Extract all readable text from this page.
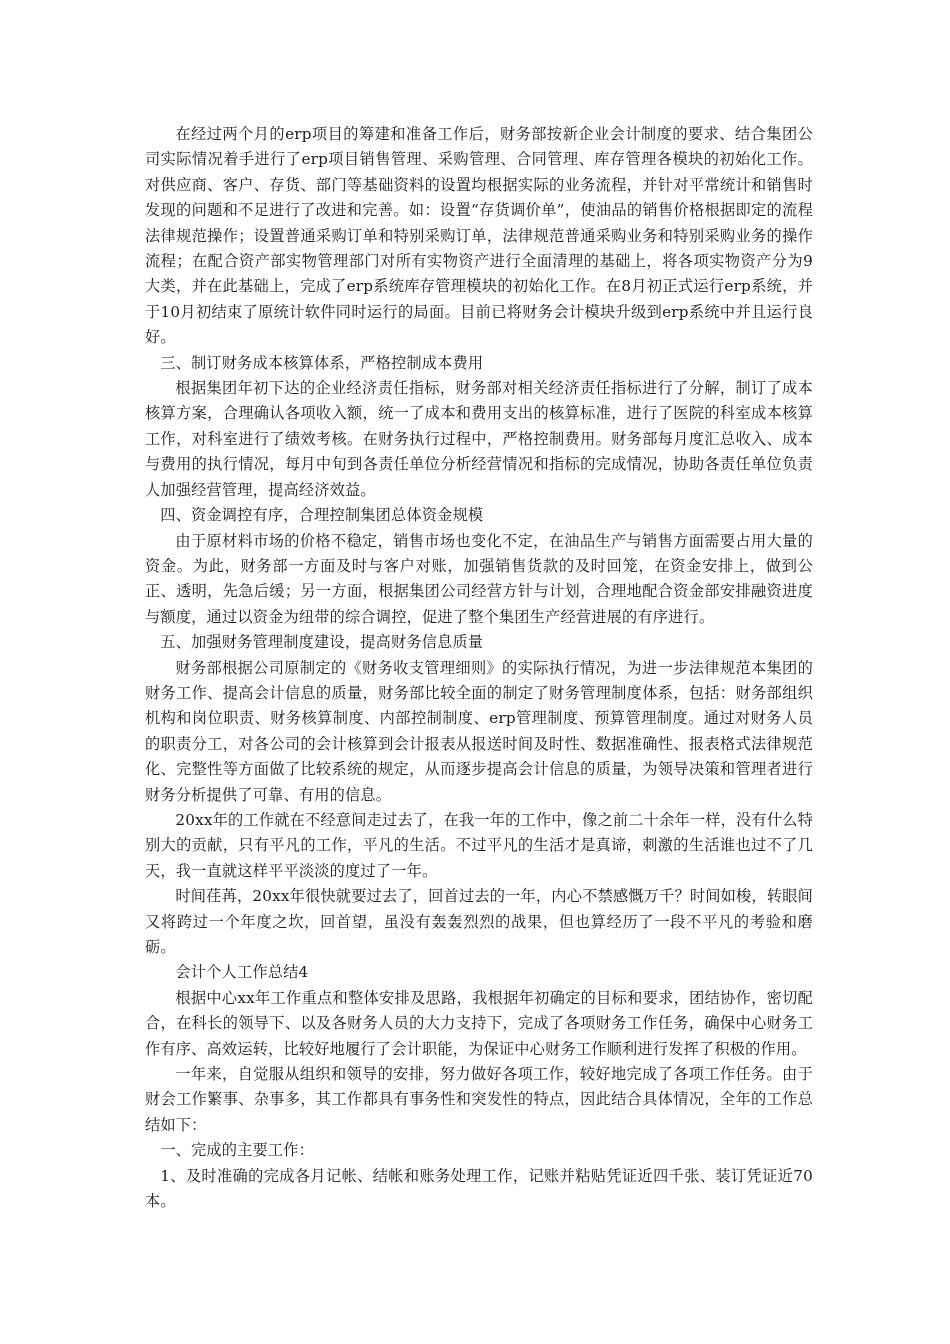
在经过两个月的erp项目的筹建和准备工作后，财务部按新企业会计制度的要求、结合集团公司实际情况着手进行了erp项目销售管理、采购管理、合同管理、库存管理各模块的初始化工作。对供应商、客户、存货、部门等基础资料的设置均根据实际的业务流程，并针对平常统计和销售时发现的问题和不足进行了改进和完善。如：设置“存货调价单”，使油品的销售价格根据即定的流程法律规范操作；设置普通采购订单和特别采购订单，法律规范普通采购业务和特别采购业务的操作流程；在配合资产部实物管理部门对所有实物资产进行全面清理的基础上，将各项实物资产分为9大类，并在此基础上，完成了erp系统库存管理模块的初始化工作。在8月初正式运行erp系统，并于10月初结束了原统计软件同时运行的局面。目前已将财务会计模块升级到erp系统中并且运行良好。

三、制订财务成本核算体系，严格控制成本费用

根据集团年初下达的企业经济责任指标，财务部对相关经济责任指标进行了分解，制订了成本核算方案，合理确认各项收入额，统一了成本和费用支出的核算标准，进行了医院的科室成本核算工作，对科室进行了绩效考核。在财务执行过程中，严格控制费用。财务部每月度汇总收入、成本与费用的执行情况，每月中旬到各责任单位分析经营情况和指标的完成情况，协助各责任单位负责人加强经营管理，提高经济效益。

四、资金调控有序，合理控制集团总体资金规模

由于原材料市场的价格不稳定，销售市场也变化不定，在油品生产与销售方面需要占用大量的资金。为此，财务部一方面及时与客户对账，加强销售货款的及时回笼，在资金安排上，做到公正、透明，先急后缓；另一方面，根据集团公司经营方针与计划，合理地配合资金部安排融资进度与额度，通过以资金为纽带的综合调控，促进了整个集团生产经营进展的有序进行。

五、加强财务管理制度建设，提高财务信息质量

财务部根据公司原制定的《财务收支管理细则》的实际执行情况，为进一步法律规范本集团的财务工作、提高会计信息的质量，财务部比较全面的制定了财务管理制度体系，包括：财务部组织机构和岗位职责、财务核算制度、内部控制制度、erp管理制度、预算管理制度。通过对财务人员的职责分工，对各公司的会计核算到会计报表从报送时间及时性、数据准确性、报表格式法律规范化、完整性等方面做了比较系统的规定，从而逐步提高会计信息的质量，为领导决策和管理者进行财务分析提供了可靠、有用的信息。

20xx年的工作就在不经意间走过去了，在我一年的工作中，像之前二十余年一样，没有什么特别大的贡献，只有平凡的工作，平凡的生活。不过平凡的生活才是真谛，刺激的生活谁也过不了几天，我一直就这样平平淡淡的度过了一年。

时间荏苒，20xx年很快就要过去了，回首过去的一年，内心不禁感慨万千？时间如梭，转眼间又将跨过一个年度之坎，回首望，虽没有轰轰烈烈的战果，但也算经历了一段不平凡的考验和磨砺。

会计个人工作总结4

根据中心xx年工作重点和整体安排及思路，我根据年初确定的目标和要求，团结协作，密切配合，在科长的领导下、以及各财务人员的大力支持下，完成了各项财务工作任务，确保中心财务工作有序、高效运转，比较好地履行了会计职能，为保证中心财务工作顺利进行发挥了积极的作用。

一年来，自觉服从组织和领导的安排，努力做好各项工作，较好地完成了各项工作任务。由于财会工作繁事、杂事多，其工作都具有事务性和突发性的特点，因此结合具体情况，全年的工作总结如下：

一、完成的主要工作：

1、及时准确的完成各月记帐、结帐和账务处理工作，记账并粘贴凭证近四千张、装订凭证近70本。
